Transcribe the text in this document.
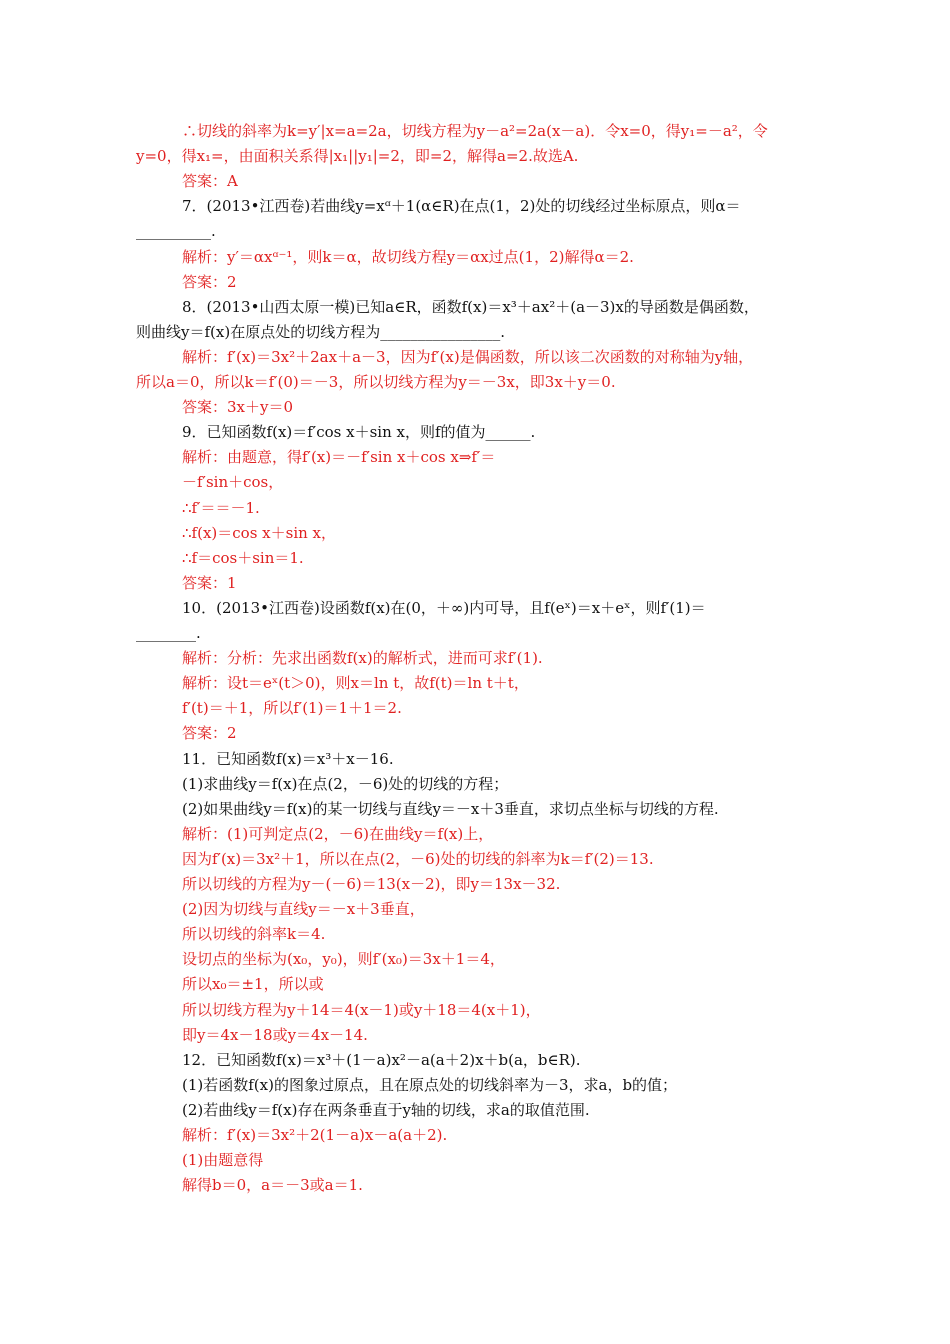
∴切线的斜率为k=y′|x=a=2a，切线方程为y－a²=2a(x－a)．令x=0，得y₁=－a²，令
y=0，得x₁=，由面积关系得|x₁||y₁|=2，即=2，解得a=2.故选A.
答案：A
7．(2013•江西卷)若曲线y=xᵅ＋1(α∈R)在点(1，2)处的切线经过坐标原点，则α＝
__________.
解析：y′＝αxᵅ⁻¹，则k＝α，故切线方程y＝αx过点(1，2)解得α＝2.
答案：2
8．(2013•山西太原一模)已知a∈R，函数f(x)＝x³＋ax²＋(a－3)x的导函数是偶函数，
则曲线y＝f(x)在原点处的切线方程为________________.
解析：f′(x)＝3x²＋2ax＋a－3，因为f′(x)是偶函数，所以该二次函数的对称轴为y轴，
所以a＝0，所以k＝f′(0)＝－3，所以切线方程为y＝－3x，即3x＋y＝0.
答案：3x＋y＝0
9．已知函数f(x)＝f′cos x＋sin x，则f的值为______.
解析：由题意，得f′(x)＝－f′sin x＋cos x⇒f′＝
－f′sin＋cos，
∴f′＝＝－1.
∴f(x)＝cos x＋sin x，
∴f＝cos＋sin＝1.
答案：1
10．(2013•江西卷)设函数f(x)在(0，＋∞)内可导，且f(eˣ)＝x＋eˣ，则f′(1)＝
________.
解析：分析：先求出函数f(x)的解析式，进而可求f′(1).
解析：设t＝eˣ(t＞0)，则x＝ln t，故f(t)＝ln t＋t，
f′(t)＝＋1，所以f′(1)＝1＋1＝2.
答案：2
11．已知函数f(x)＝x³＋x－16.
(1)求曲线y＝f(x)在点(2，－6)处的切线的方程；
(2)如果曲线y＝f(x)的某一切线与直线y＝－x＋3垂直，求切点坐标与切线的方程.
解析：(1)可判定点(2，－6)在曲线y＝f(x)上，
因为f′(x)＝3x²＋1，所以在点(2，－6)处的切线的斜率为k＝f′(2)＝13.
所以切线的方程为y－(－6)＝13(x－2)，即y＝13x－32.
(2)因为切线与直线y＝－x＋3垂直，
所以切线的斜率k＝4.
设切点的坐标为(x₀，y₀)，则f′(x₀)＝3x＋1＝4，
所以x₀＝±1，所以或
所以切线方程为y＋14＝4(x－1)或y＋18＝4(x＋1)，
即y＝4x－18或y＝4x－14.
12．已知函数f(x)＝x³＋(1－a)x²－a(a＋2)x＋b(a，b∈R).
(1)若函数f(x)的图象过原点，且在原点处的切线斜率为－3，求a，b的值；
(2)若曲线y＝f(x)存在两条垂直于y轴的切线，求a的取值范围.
解析：f′(x)＝3x²＋2(1－a)x－a(a＋2).
(1)由题意得
解得b＝0，a＝－3或a＝1.
